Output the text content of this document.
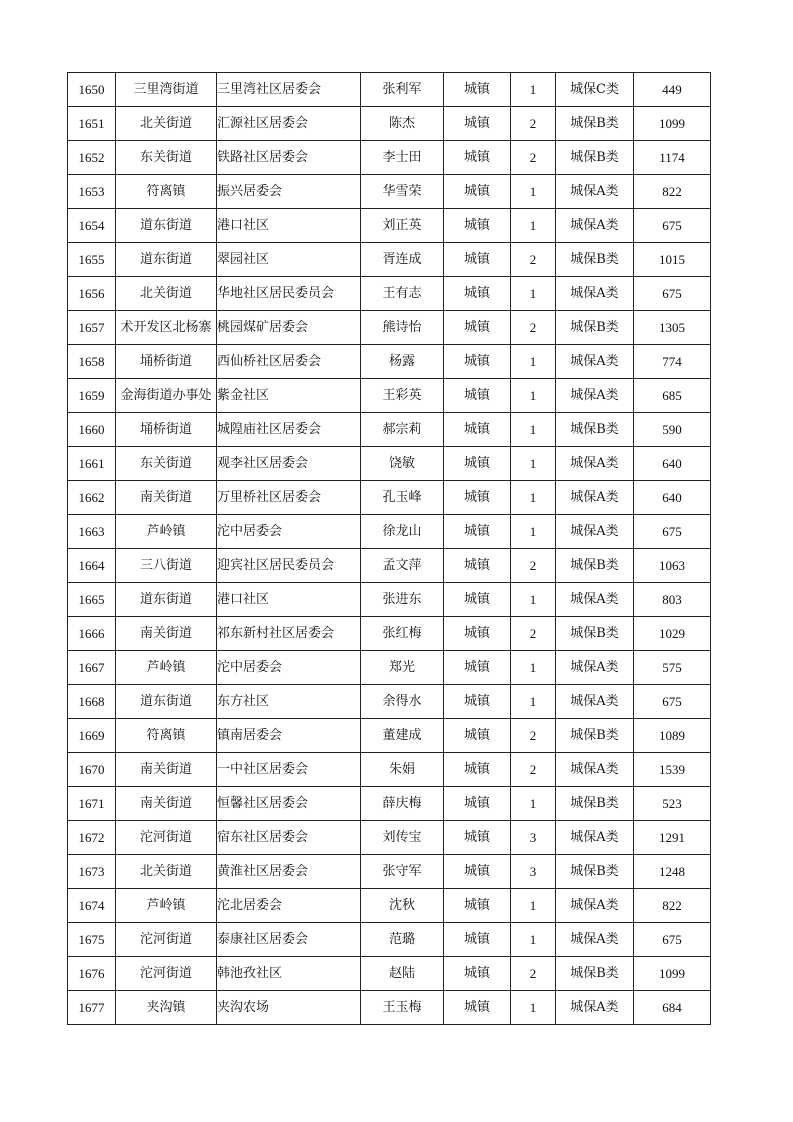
1650	三里湾街道	三里湾社区居委会	张利军	城镇	1	城保C类	449
1651	北关街道	汇源社区居委会	陈杰	城镇	2	城保B类	1099
1652	东关街道	铁路社区居委会	李士田	城镇	2	城保B类	1174
1653	符离镇	振兴居委会	华雪荣	城镇	1	城保A类	822
1654	道东街道	港口社区	刘正英	城镇	1	城保A类	675
1655	道东街道	翠园社区	胥连成	城镇	2	城保B类	1015
1656	北关街道	华地社区居民委员会	王有志	城镇	1	城保A类	675
1657	术开发区北杨寨	桃园煤矿居委会	熊诗怡	城镇	2	城保B类	1305
1658	埇桥街道	西仙桥社区居委会	杨露	城镇	1	城保A类	774
1659	金海街道办事处	紫金社区	王彩英	城镇	1	城保A类	685
1660	埇桥街道	城隍庙社区居委会	郝宗莉	城镇	1	城保B类	590
1661	东关街道	观李社区居委会	饶敏	城镇	1	城保A类	640
1662	南关街道	万里桥社区居委会	孔玉峰	城镇	1	城保A类	640
1663	芦岭镇	沱中居委会	徐龙山	城镇	1	城保A类	675
1664	三八街道	迎宾社区居民委员会	孟文萍	城镇	2	城保B类	1063
1665	道东街道	港口社区	张进东	城镇	1	城保A类	803
1666	南关街道	祁东新村社区居委会	张红梅	城镇	2	城保B类	1029
1667	芦岭镇	沱中居委会	郑光	城镇	1	城保A类	575
1668	道东街道	东方社区	余得水	城镇	1	城保A类	675
1669	符离镇	镇南居委会	董建成	城镇	2	城保B类	1089
1670	南关街道	一中社区居委会	朱娟	城镇	2	城保A类	1539
1671	南关街道	恒馨社区居委会	薛庆梅	城镇	1	城保B类	523
1672	沱河街道	宿东社区居委会	刘传宝	城镇	3	城保A类	1291
1673	北关街道	黄淮社区居委会	张守军	城镇	3	城保B类	1248
1674	芦岭镇	沱北居委会	沈秋	城镇	1	城保A类	822
1675	沱河街道	泰康社区居委会	范璐	城镇	1	城保A类	675
1676	沱河街道	韩池孜社区	赵陆	城镇	2	城保B类	1099
1677	夹沟镇	夹沟农场	王玉梅	城镇	1	城保A类	684
